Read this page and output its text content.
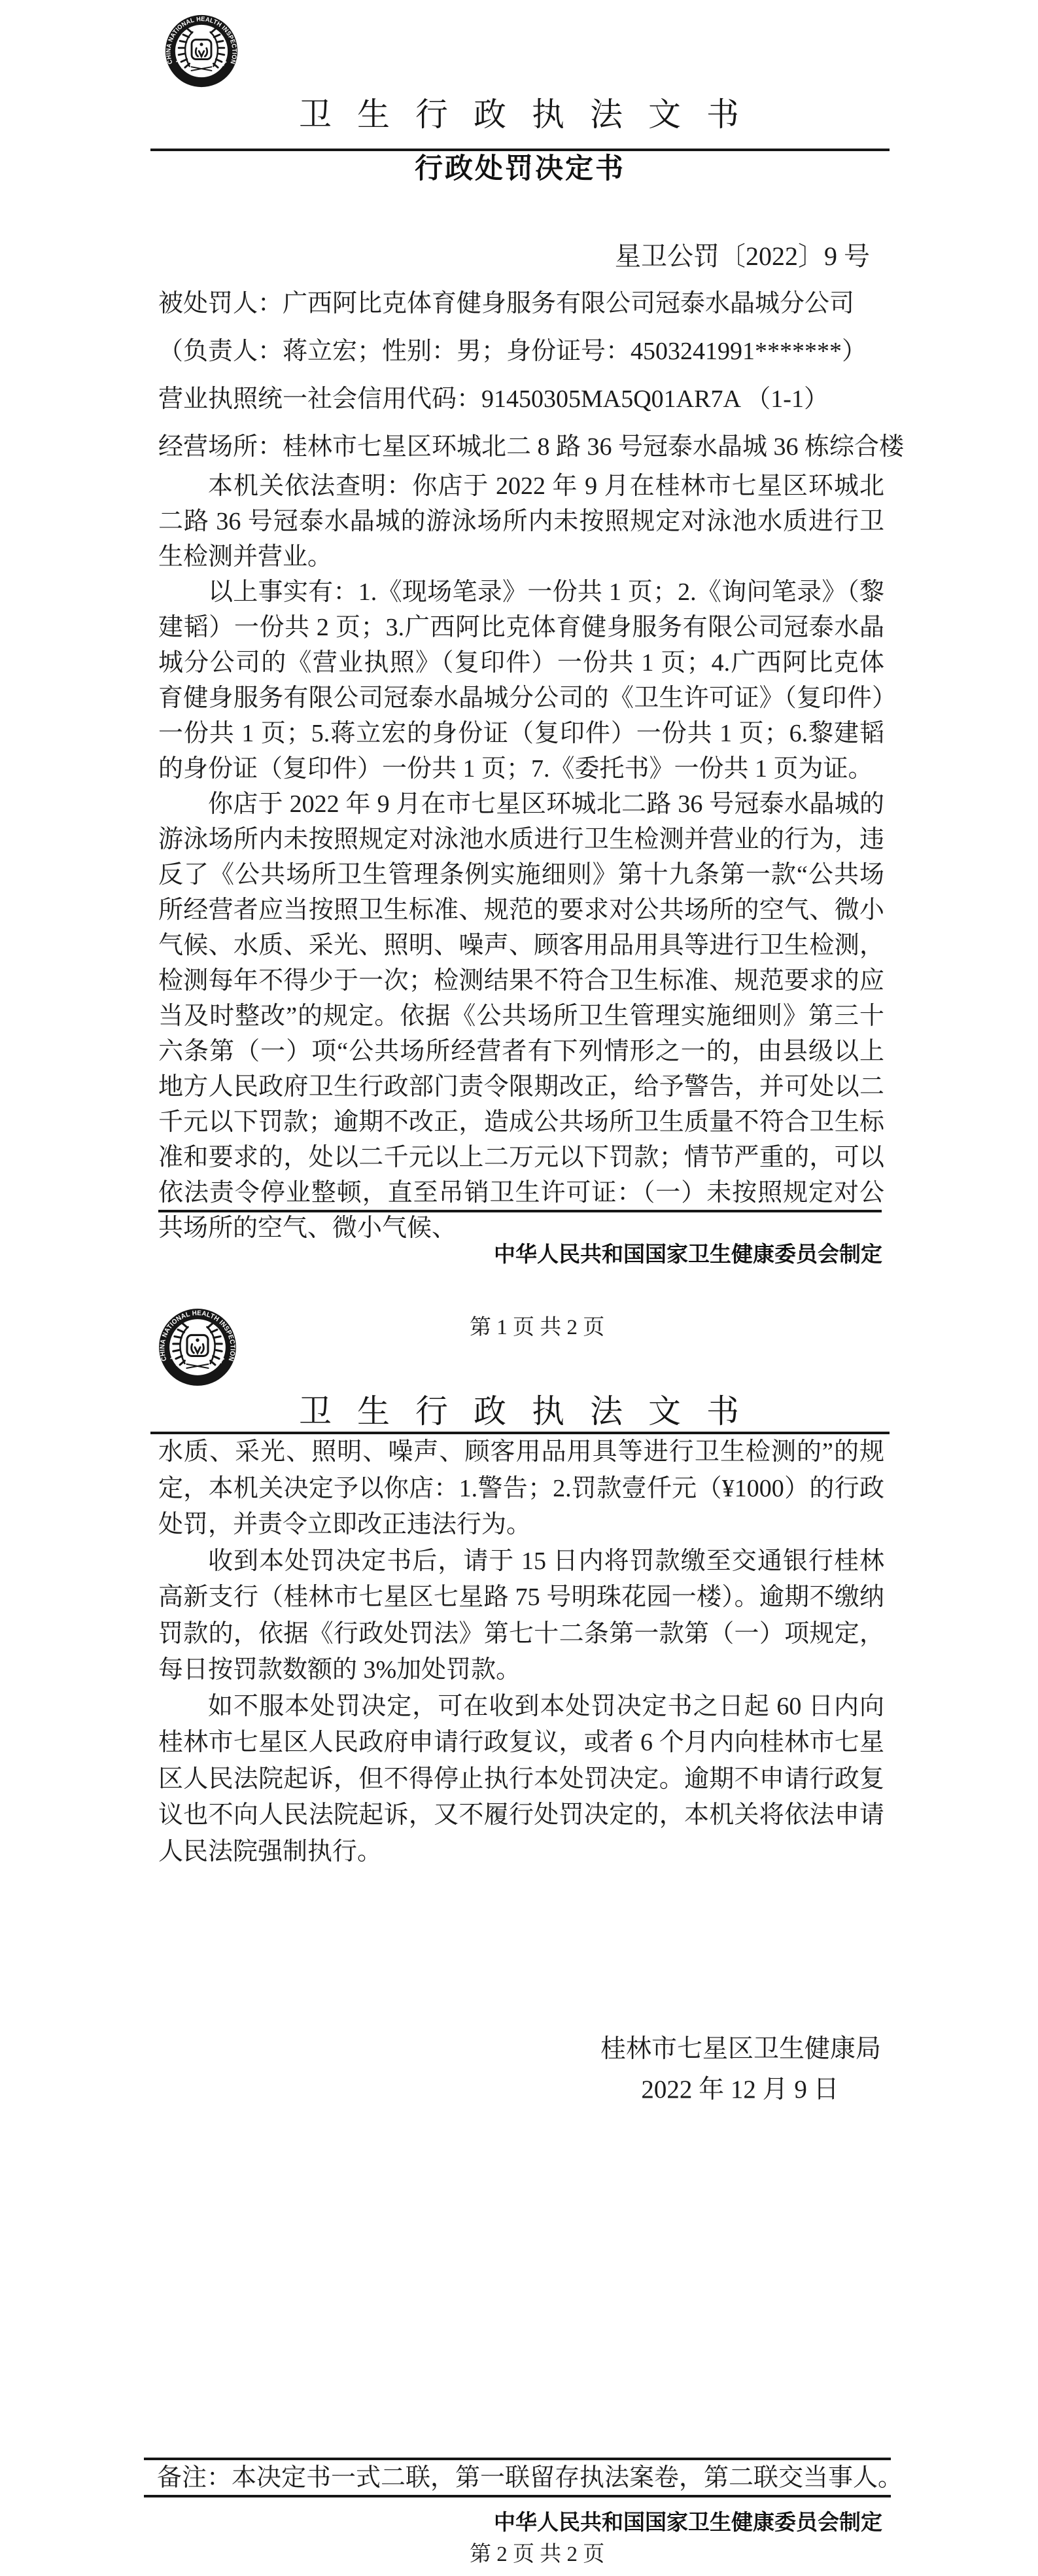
CHINA NATIONAL HEALTH INSPECTION
中国卫生监督
卫生行政执法文书
行政处罚决定书
星卫公罚〔2022〕9 号

被处罚人：广西阿比克体育健身服务有限公司冠泰水晶城分公司

（负责人：蒋立宏；性别：男；身份证号：4503241991*******）

营业执照统一社会信用代码：91450305MA5Q01AR7A （1-1）

经营场所：桂林市七星区环城北二 8 路 36 号冠泰水晶城 36 栋综合楼

本机关依法查明：你店于 2022 年 9 月在桂林市七星区环城北二路 36 号冠泰水晶城的游泳场所内未按照规定对泳池水质进行卫生检测并营业。

以上事实有：1.《现场笔录》一份共 1 页；2.《询问笔录》（黎建韬）一份共 2 页；3.广西阿比克体育健身服务有限公司冠泰水晶城分公司的《营业执照》（复印件）一份共 1 页；4.广西阿比克体育健身服务有限公司冠泰水晶城分公司的《卫生许可证》（复印件）一份共 1 页；5.蒋立宏的身份证（复印件）一份共 1 页；6.黎建韬的身份证（复印件）一份共 1 页；7.《委托书》一份共 1 页为证。

你店于 2022 年 9 月在市七星区环城北二路 36 号冠泰水晶城的游泳场所内未按照规定对泳池水质进行卫生检测并营业的行为，违反了《公共场所卫生管理条例实施细则》第十九条第一款“公共场所经营者应当按照卫生标准、规范的要求对公共场所的空气、微小气候、水质、采光、照明、噪声、顾客用品用具等进行卫生检测，检测每年不得少于一次；检测结果不符合卫生标准、规范要求的应当及时整改”的规定。依据《公共场所卫生管理实施细则》第三十六条第（一）项“公共场所经营者有下列情形之一的，由县级以上地方人民政府卫生行政部门责令限期改正，给予警告，并可处以二千元以下罚款；逾期不改正，造成公共场所卫生质量不符合卫生标准和要求的，处以二千元以上二万元以下罚款；情节严重的，可以依法责令停业整顿，直至吊销卫生许可证：（一）未按照规定对公共场所的空气、微小气候、

中华人民共和国国家卫生健康委员会制定
第 1 页 共 2 页
CHINA NATIONAL HEALTH INSPECTION
中国卫生监督
卫生行政执法文书

水质、采光、照明、噪声、顾客用品用具等进行卫生检测的”的规定，本机关决定予以你店：1.警告；2.罚款壹仟元（¥1000）的行政处罚，并责令立即改正违法行为。

收到本处罚决定书后，请于 15 日内将罚款缴至交通银行桂林高新支行（桂林市七星区七星路 75 号明珠花园一楼）。逾期不缴纳罚款的，依据《行政处罚法》第七十二条第一款第（一）项规定，每日按罚款数额的 3%加处罚款。

如不服本处罚决定，可在收到本处罚决定书之日起 60 日内向桂林市七星区人民政府申请行政复议，或者 6 个月内向桂林市七星区人民法院起诉，但不得停止执行本处罚决定。逾期不申请行政复议也不向人民法院起诉，又不履行处罚决定的，本机关将依法申请人民法院强制执行。

桂林市七星区卫生健康局
2022 年 12 月 9 日
备注：本决定书一式二联，第一联留存执法案卷，第二联交当事人。
中华人民共和国国家卫生健康委员会制定
第 2 页 共 2 页
